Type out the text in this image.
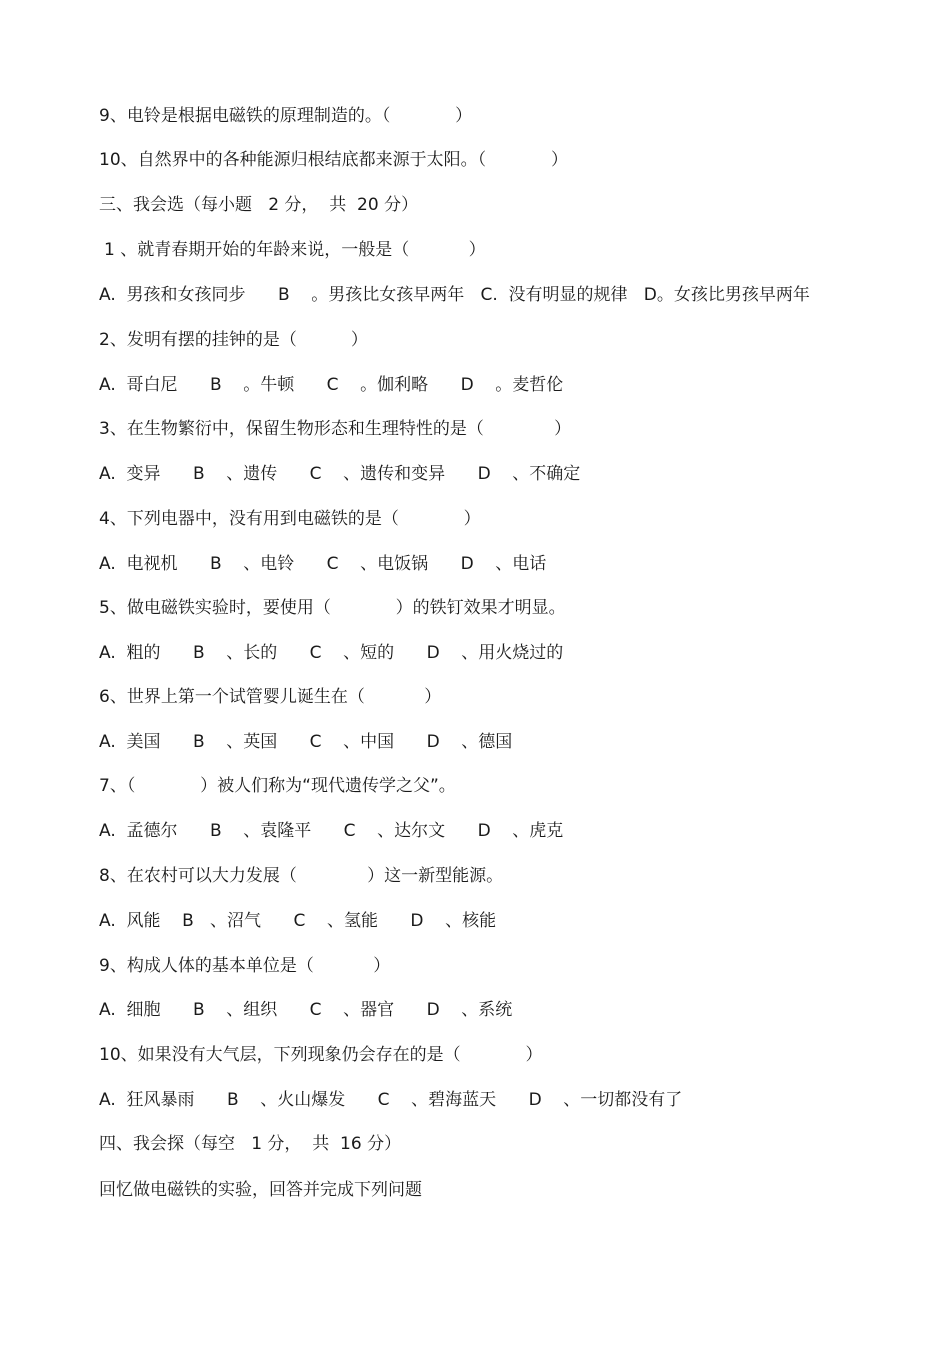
9、电铃是根据电磁铁的原理制造的。（            ）
10、自然界中的各种能源归根结底都来源于太阳。（            ）
三、我会选（每小题   2 分，  共  20 分）
1 、就青春期开始的年龄来说，一般是（           ）
A.  男孩和女孩同步      B    。男孩比女孩早两年   C.  没有明显的规律   D。女孩比男孩早两年
2、发明有摆的挂钟的是（          ）
A.  哥白尼      B    。牛顿      C    。伽利略      D    。麦哲伦
3、在生物繁衍中，保留生物形态和生理特性的是（             ）
A.  变异      B    、遗传      C    、遗传和变异      D    、不确定
4、下列电器中，没有用到电磁铁的是（            ）
A.  电视机      B    、电铃      C    、电饭锅      D    、电话
5、做电磁铁实验时，要使用（            ）的铁钉效果才明显。
A.  粗的      B    、长的      C    、短的      D    、用火烧过的
6、世界上第一个试管婴儿诞生在（           ）
A.  美国      B    、英国      C    、中国      D    、德国
7、（            ）被人们称为“现代遗传学之父”。
A.  孟德尔      B    、袁隆平      C    、达尔文      D    、虎克
8、在农村可以大力发展（             ）这一新型能源。
A.  风能    B   、沼气      C    、氢能      D    、核能
9、构成人体的基本单位是（           ）
A.  细胞      B    、组织      C    、器官      D    、系统
10、如果没有大气层，下列现象仍会存在的是（            ）
A.  狂风暴雨      B    、火山爆发      C    、碧海蓝天      D    、一切都没有了
四、我会探（每空   1 分，  共  16 分）
回忆做电磁铁的实验，回答并完成下列问题
